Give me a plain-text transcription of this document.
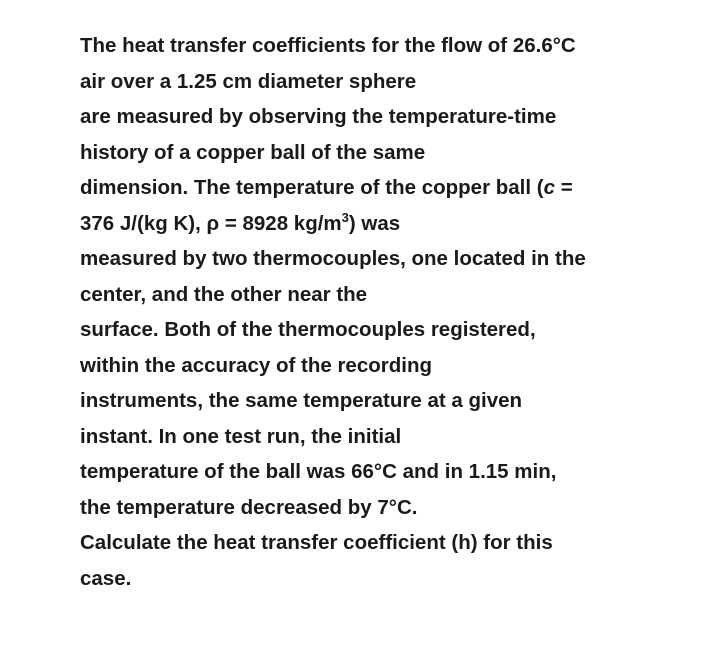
The heat transfer coefficients for the flow of 26.6°C
air over a 1.25 cm diameter sphere
are measured by observing the temperature-time
history of a copper ball of the same
dimension. The temperature of the copper ball (c =
376 J/(kg K), ρ = 8928 $kg/m^3$) was
measured by two thermocouples, one located in the
center, and the other near the
surface. Both of the thermocouples registered,
within the accuracy of the recording
instruments, the same temperature at a given
instant. In one test run, the initial
temperature of the ball was 66°C and in 1.15 min,
the temperature decreased by 7°C.
Calculate the heat transfer coefficient (h) for this
case.
